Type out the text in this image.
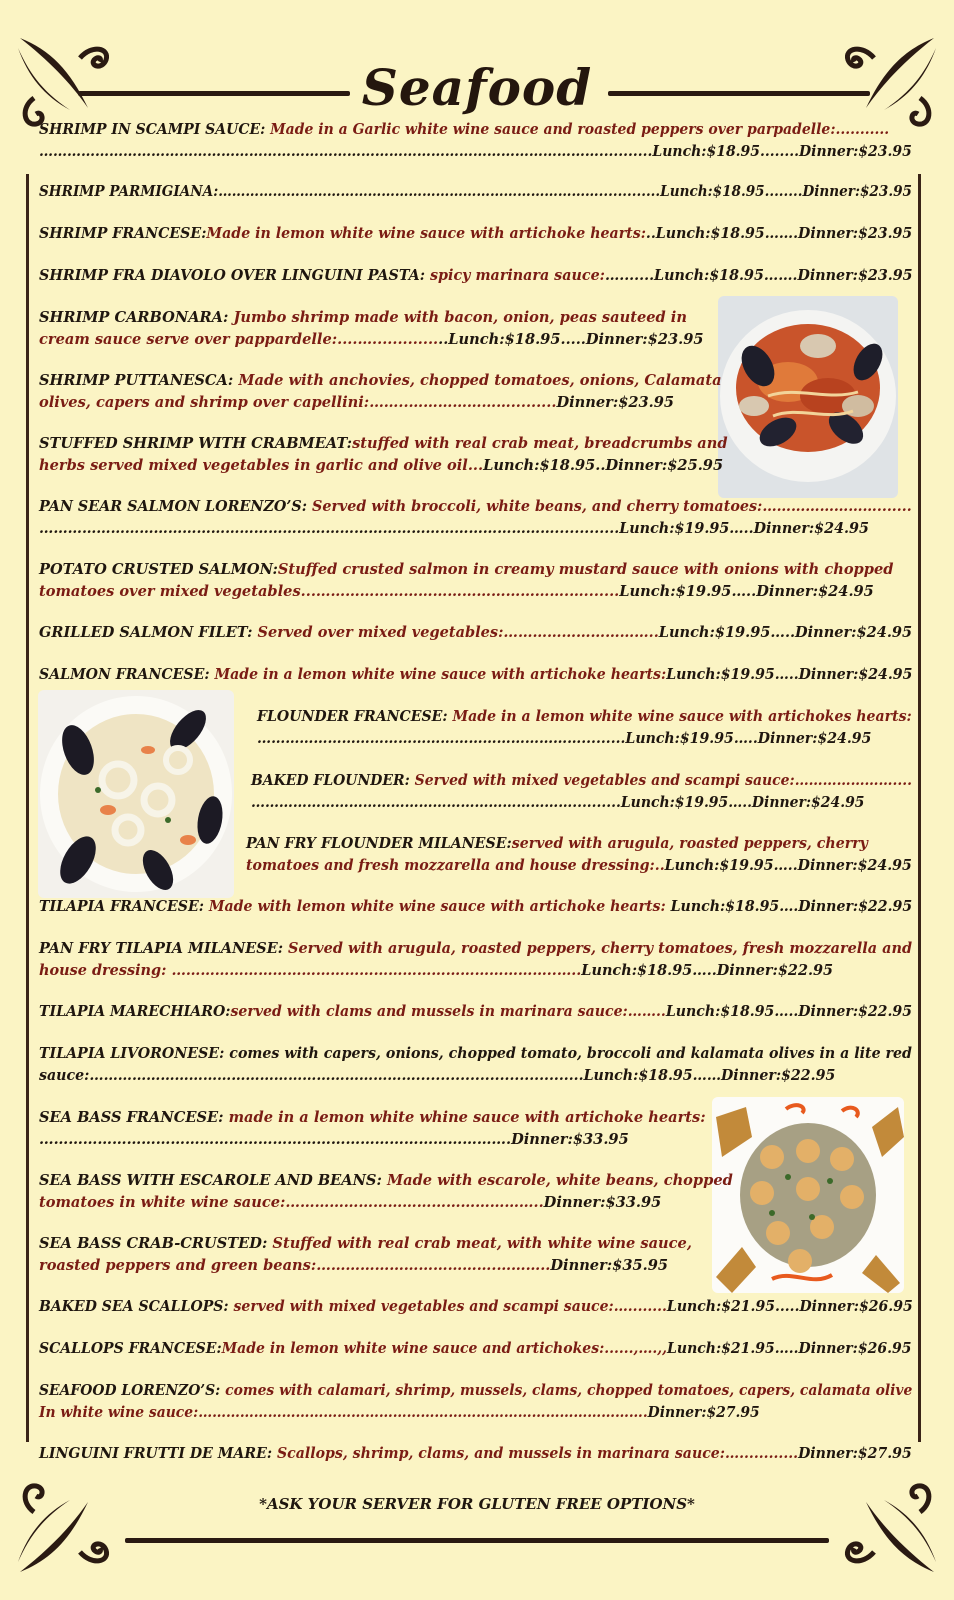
Seafood
SHRIMP IN SCAMPI SAUCE: Made in a Garlic white wine sauce and roasted peppers over parpadelle:...........
…………………………………………………………………………………………………………...........Lunch:$18.95........Dinner:$23.95
SHRIMP PARMIGIANA:………………………………………………………………………….............Lunch:$18.95........Dinner:$23.95
SHRIMP FRANCESE:Made in lemon white wine sauce with artichoke hearts:..Lunch:$18.95…….Dinner:$23.95
SHRIMP FRA DIAVOLO OVER LINGUINI PASTA: spicy marinara sauce:….......Lunch:$18.95…….Dinner:$23.95
SHRIMP CARBONARA: Jumbo shrimp made with bacon, onion, peas sauteed in
cream sauce serve over pappardelle:....…...............Lunch:$18.95.....Dinner:$23.95
SHRIMP PUTTANESCA: Made with anchovies, chopped tomatoes, onions, Calamata
olives, capers and shrimp over capellini:……..………………….........Dinner:$23.95
STUFFED SHRIMP WITH CRABMEAT:stuffed with real crab meat, breadcrumbs and
herbs served mixed vegetables in garlic and olive oil...Lunch:$18.95..Dinner:$25.95
PAN SEAR SALMON LORENZO’S: Served with broccoli, white beans, and cherry tomatoes:…………………….......
……………………………………………………………………………………………….............Lunch:$19.95…..Dinner:$24.95
POTATO CRUSTED SALMON:Stuffed crusted salmon in creamy mustard sauce with onions with chopped
tomatoes over mixed vegetables...…………………………………………….….......Lunch:$19.95…..Dinner:$24.95
GRILLED SALMON FILET: Served over mixed vegetables:…………………………..Lunch:$19.95…..Dinner:$24.95
SALMON FRANCESE: Made in a lemon white wine sauce with artichoke hearts:Lunch:$19.95…..Dinner:$24.95
FLOUNDER FRANCESE: Made in a lemon white wine sauce with artichokes hearts:
…………………………………………………………….........Lunch:$19.95…..Dinner:$24.95
BAKED FLOUNDER: Served with mixed vegetables and scampi sauce:…………………....
……………………………………………………………..........Lunch:$19.95…..Dinner:$24.95
PAN FRY FLOUNDER MILANESE:served with arugula, roasted peppers, cherry
tomatoes and fresh mozzarella and house dressing:..Lunch:$19.95…..Dinner:$24.95
TILAPIA FRANCESE: Made with lemon white wine sauce with artichoke hearts: Lunch:$18.95….Dinner:$22.95
PAN FRY TILAPIA MILANESE: Served with arugula, roasted peppers, cherry tomatoes, fresh mozzarella and
house dressing: ……………………………………………………………………..…..Lunch:$18.95…..Dinner:$22.95
TILAPIA MARECHIARO:served with clams and mussels in marinara sauce:……..Lunch:$18.95…..Dinner:$22.95
TILAPIA LIVORONESE: comes with capers, onions, chopped tomato, broccoli and kalamata olives in a lite red
sauce:……………………………………………………………..................................Lunch:$18.95……Dinner:$22.95
SEA BASS FRANCESE: made in a lemon white whine sauce with artichoke hearts:
…………………………………………………………………………………….Dinner:$33.95
SEA BASS WITH ESCAROLE AND BEANS: Made with escarole, white beans, chopped
tomatoes in white wine sauce:……………………………………………..Dinner:$33.95
SEA BASS CRAB-CRUSTED: Stuffed with real crab meat, with white wine sauce,
roasted peppers and green beans:……………………………….………..Dinner:$35.95
BAKED SEA SCALLOPS: served with mixed vegetables and scampi sauce:…........Lunch:$21.95.....Dinner:$26.95
SCALLOPS FRANCESE:Made in lemon white wine sauce and artichokes:......,….,,Lunch:$21.95…..Dinner:$26.95
SEAFOOD LORENZO’S: comes with calamari, shrimp, mussels, clams, chopped tomatoes, capers, calamata olive
In white wine sauce:…………………………………………………………………………………….Dinner:$27.95
LINGUINI FRUTTI DE MARE: Scallops, shrimp, clams, and mussels in marinara sauce:…............Dinner:$27.95
*ASK YOUR SERVER FOR GLUTEN FREE OPTIONS*
